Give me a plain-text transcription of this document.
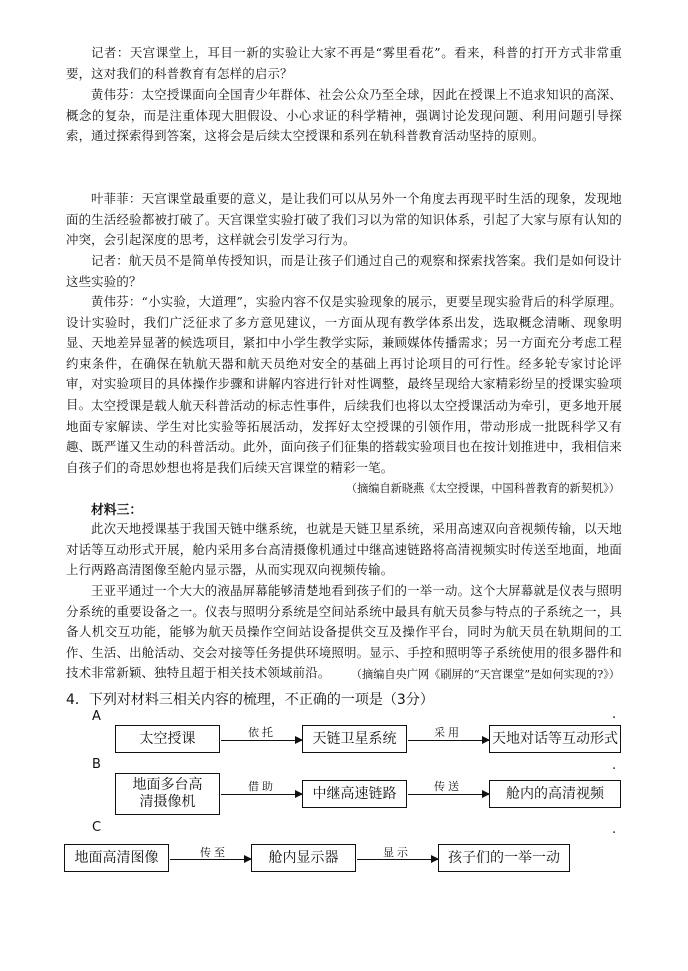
记者：天宫课堂上，耳目一新的实验让大家不再是“雾里看花”。看来，科普的打开方式非常重要，这对我们的科普教育有怎样的启示？

黄伟芬：太空授课面向全国青少年群体、社会公众乃至全球，因此在授课上不追求知识的高深、概念的复杂，而是注重体现大胆假设、小心求证的科学精神，强调讨论发现问题、利用问题引导探索，通过探索得到答案，这将会是后续太空授课和系列在轨科普教育活动坚持的原则。

叶菲菲：天宫课堂最重要的意义，是让我们可以从另外一个角度去再现平时生活的现象，发现地面的生活经验都被打破了。天宫课堂实验打破了我们习以为常的知识体系，引起了大家与原有认知的冲突，会引起深度的思考，这样就会引发学习行为。

记者：航天员不是简单传授知识，而是让孩子们通过自己的观察和探索找答案。我们是如何设计这些实验的？

黄伟芬：“小实验，大道理”，实验内容不仅是实验现象的展示，更要呈现实验背后的科学原理。设计实验时，我们广泛征求了多方意见建议，一方面从现有教学体系出发，选取概念清晰、现象明显、天地差异显著的候选项目，紧扣中小学生教学实际，兼顾媒体传播需求；另一方面充分考虑工程约束条件，在确保在轨航天器和航天员绝对安全的基础上再讨论项目的可行性。经多轮专家讨论评审，对实验项目的具体操作步骤和讲解内容进行针对性调整，最终呈现给大家精彩纷呈的授课实验项目。 太空授课是载人航天科普活动的标志性事件，后续我们也将以太空授课活动为牵引，更多地开展地面专家解读、学生对比实验等拓展活动，发挥好太空授课的引领作用，带动形成一批既科学又有趣、既严谨又生动的科普活动。此外，面向孩子们征集的搭载实验项目也在按计划推进中，我相信来自孩子们的奇思妙想也将是我们后续天宫课堂的精彩一笔。

（摘编自新晓燕《太空授课，中国科普教育的新契机》）
材料三：

此次天地授课基于我国天链中继系统，也就是天链卫星系统，采用高速双向音视频传输，以天地对话等互动形式开展，舱内采用多台高清摄像机通过中继高速链路将高清视频实时传送至地面，地面上行两路高清图像至舱内显示器，从而实现双向视频传输。

王亚平通过一个大大的液晶屏幕能够清楚地看到孩子们的一举一动。这个大屏幕就是仪表与照明分系统的重要设备之一。仪表与照明分系统是空间站系统中最具有航天员参与特点的子系统之一，具备人机交互功能，能够为航天员操作空间站设备提供交互及操作平台，同时为航天员在轨期间的工作、生活、出舱活动、交会对接等任务提供环境照明。显示、手控和照明等子系统使用的很多器件和技术非常新颖、独特且超于相关技术领域前沿。	（摘编自央广网《刷屏的“天宫课堂”是如何实现的?》）
4．下列对材料三相关内容的梳理，不正确的一项是（3分）
A	.
太空授课	依托	天链卫星系统	采用	天地对话等互动形式
B	.
地面多台高清摄像机
借助	中继高速链路	传送	舱内的高清视频
C	.
地面高清图像	传至	舱内显示器	显示	孩子们的一举一动
